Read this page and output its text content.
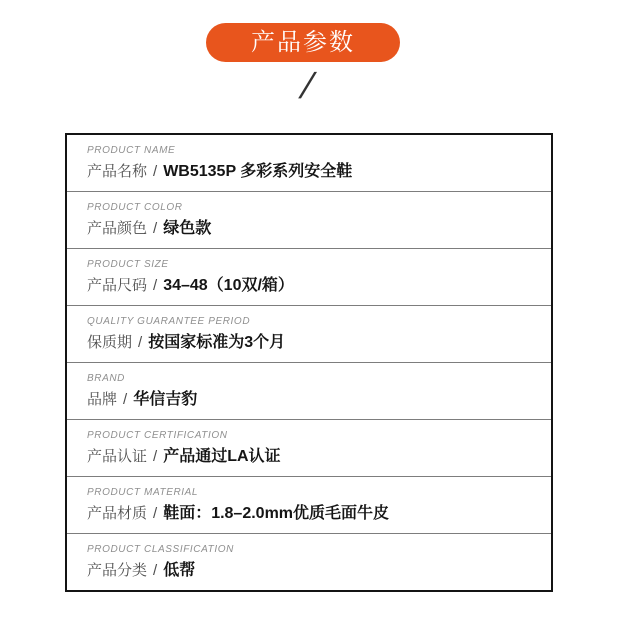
产品参数
/
PRODUCT NAME
产品名称 / WB5135P 多彩系列安全鞋
PRODUCT COLOR
产品颜色 / 绿色款
PRODUCT SIZE
产品尺码 / 34–48（10双/箱）
QUALITY GUARANTEE PERIOD
保质期 / 按国家标准为3个月
BRAND
品牌 / 华信吉豹
PRODUCT CERTIFICATION
产品认证 / 产品通过LA认证
PRODUCT MATERIAL
产品材质 / 鞋面：1.8–2.0mm优质毛面牛皮
PRODUCT CLASSIFICATION
产品分类 / 低帮
